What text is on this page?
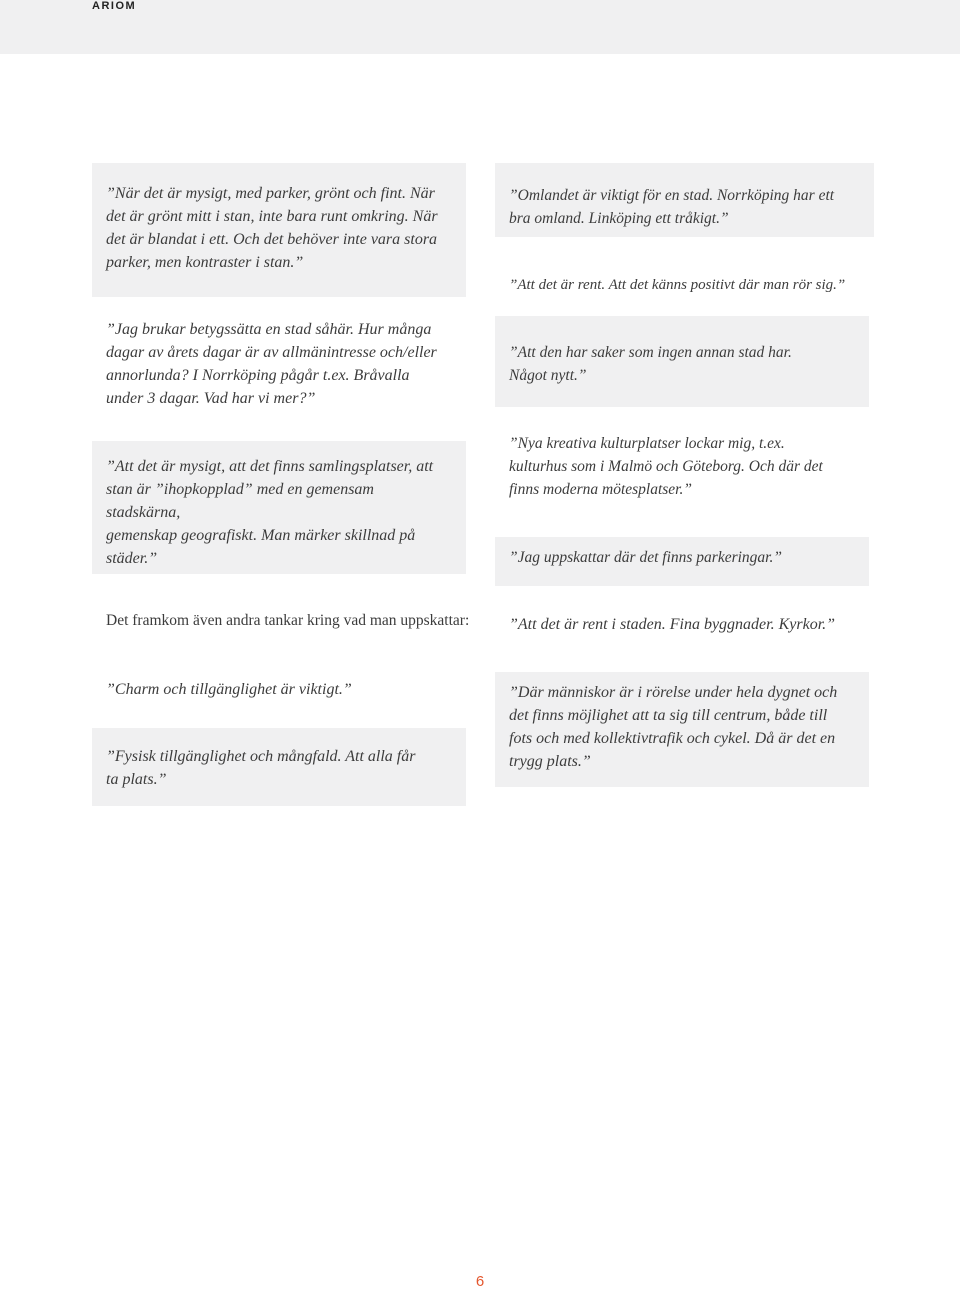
ARIOM

”När det är mysigt, med parker, grönt och fint. När
det är grönt mitt i stan, inte bara runt omkring. När
det är blandat i ett. Och det behöver inte vara stora
parker, men kontraster i stan.”

”Jag brukar betygssätta en stad såhär. Hur många
dagar av årets dagar är av allmänintresse och/eller
annorlunda? I Norrköping pågår t.ex. Bråvalla
under 3 dagar. Vad har vi mer?”

”Att det är mysigt, att det finns samlingsplatser, att
stan är ”ihopkopplad” med en gemensam stadskärna,
gemenskap geografiskt. Man märker skillnad på
städer.”

”Omlandet är viktigt för en stad. Norrköping har ett
bra omland. Linköping ett tråkigt.”

”Att det är rent. Att det känns positivt där man rör sig.”

”Att den har saker som ingen annan stad har.
Något nytt.”

”Nya kreativa kulturplatser lockar mig, t.ex.
kulturhus som i Malmö och Göteborg. Och där det
finns moderna mötesplatser.”

”Jag uppskattar där det finns parkeringar.”

Det framkom även andra tankar kring vad man uppskattar:

”Charm och tillgänglighet är viktigt.”

”Fysisk tillgänglighet och mångfald. Att alla får
ta plats.”

”Att det är rent i staden. Fina byggnader. Kyrkor.”

”Där människor är i rörelse under hela dygnet och
det finns möjlighet att ta sig till centrum, både till
fots och med kollektivtrafik och cykel. Då är det en
trygg plats.”

6
